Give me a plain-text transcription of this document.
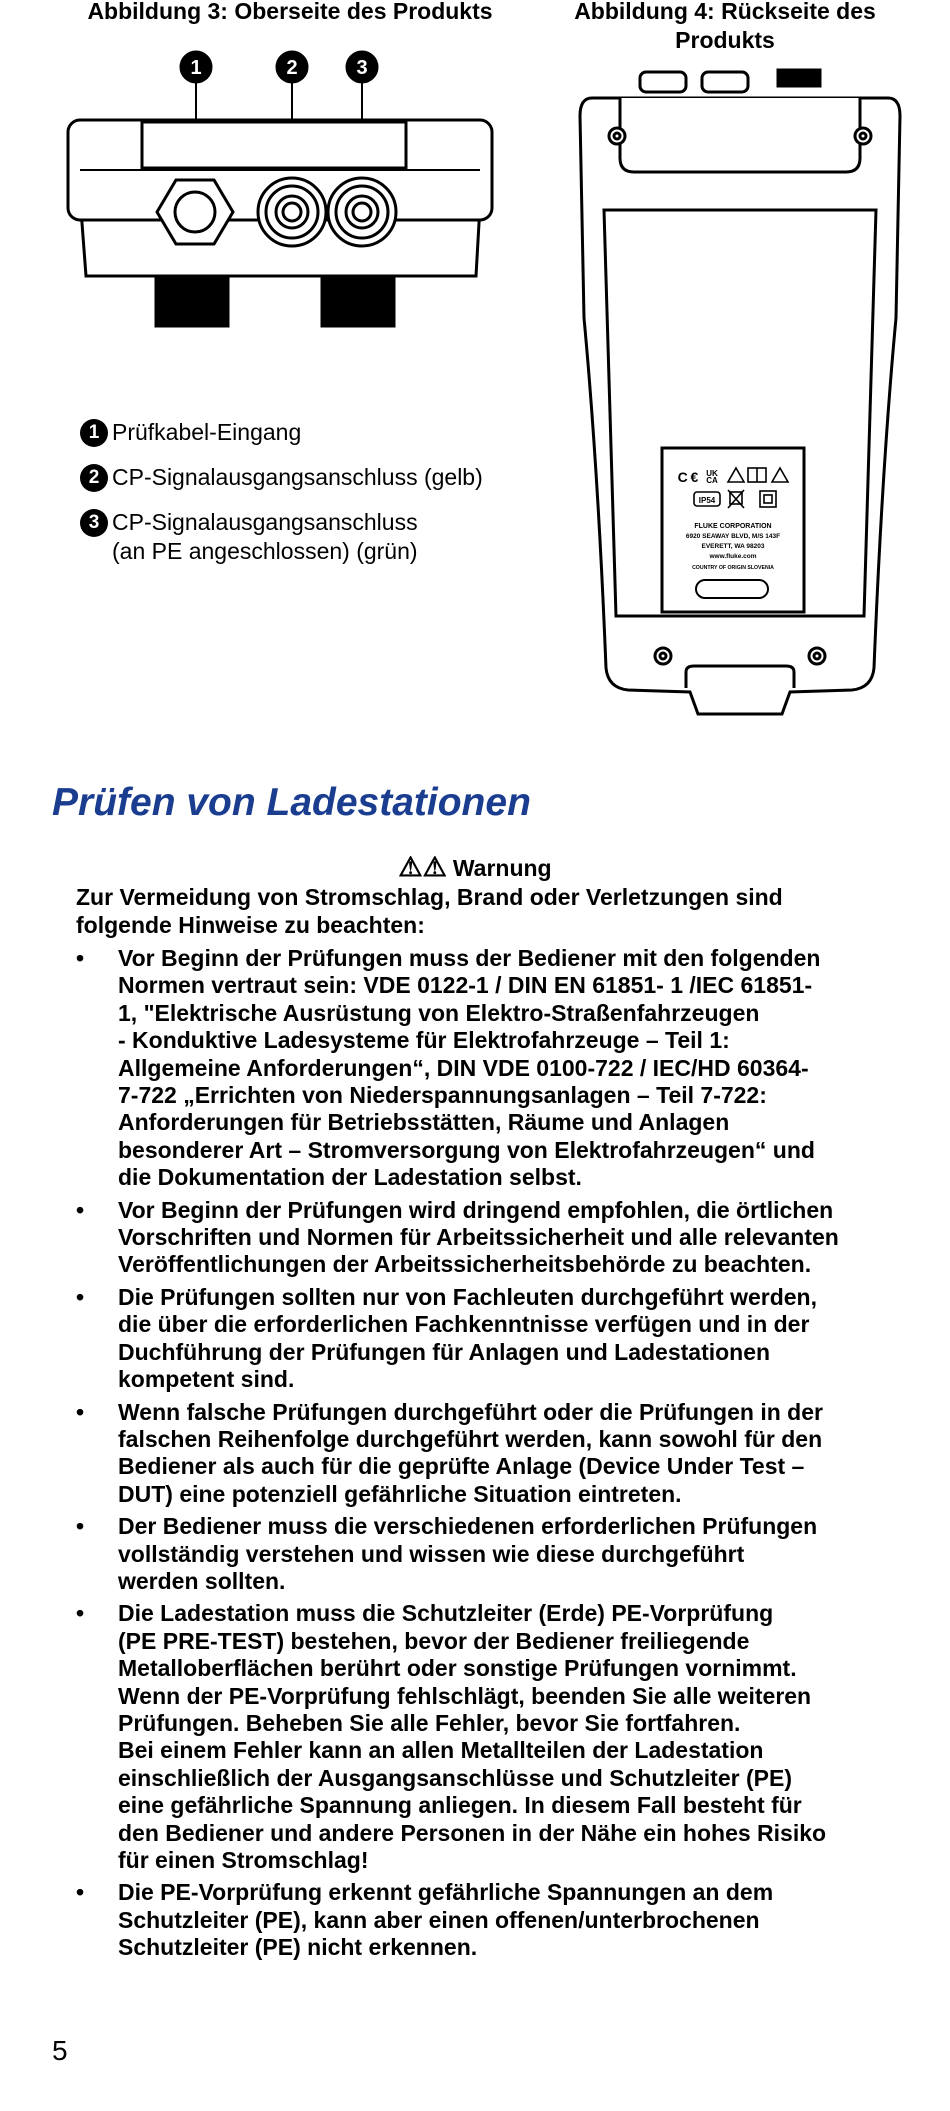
Abbildung 3: Oberseite des Produkts	Abbildung 4: Rückseite des Produkts

1	2	3
C € UK
CA
IP54
FLUKE CORPORATION
6920 SEAWAY BLVD, M/S 143F
EVERETT, WA 98203
www.fluke.com
COUNTRY OF ORIGIN SLOVENIA
1 Prüfkabel-Eingang
2 CP-Signalausgangsanschluss (gelb)
3 CP-Signalausgangsanschluss
(an PE angeschlossen) (grün)
Prüfen von Ladestationen
⚠⚠ Warnung

Zur Vermeidung von Stromschlag, Brand oder Verletzungen sind folgende Hinweise zu beachten:

• Vor Beginn der Prüfungen muss der Bediener mit den folgenden
Normen vertraut sein: VDE 0122-1 / DIN EN 61851- 1 /IEC 61851-
1, "Elektrische Ausrüstung von Elektro-Straßenfahrzeugen
- Konduktive Ladesysteme für Elektrofahrzeuge – Teil 1:
Allgemeine Anforderungen“, DIN VDE 0100-722 / IEC/HD 60364-
7-722 „Errichten von Niederspannungsanlagen – Teil 7-722:
Anforderungen für Betriebsstätten, Räume und Anlagen
besonderer Art – Stromversorgung von Elektrofahrzeugen“ und
die Dokumentation der Ladestation selbst.
• Vor Beginn der Prüfungen wird dringend empfohlen, die örtlichen
Vorschriften und Normen für Arbeitssicherheit und alle relevanten
Veröffentlichungen der Arbeitssicherheitsbehörde zu beachten.
• Die Prüfungen sollten nur von Fachleuten durchgeführt werden,
die über die erforderlichen Fachkenntnisse verfügen und in der
Duchführung der Prüfungen für Anlagen und Ladestationen
kompetent sind.
• Wenn falsche Prüfungen durchgeführt oder die Prüfungen in der
falschen Reihenfolge durchgeführt werden, kann sowohl für den
Bediener als auch für die geprüfte Anlage (Device Under Test –
DUT) eine potenziell gefährliche Situation eintreten.
• Der Bediener muss die verschiedenen erforderlichen Prüfungen
vollständig verstehen und wissen wie diese durchgeführt
werden sollten.
• Die Ladestation muss die Schutzleiter (Erde) PE-Vorprüfung
(PE PRE-TEST) bestehen, bevor der Bediener freiliegende
Metalloberflächen berührt oder sonstige Prüfungen vornimmt.
Wenn der PE-Vorprüfung fehlschlägt, beenden Sie alle weiteren
Prüfungen. Beheben Sie alle Fehler, bevor Sie fortfahren.
Bei einem Fehler kann an allen Metallteilen der Ladestation
einschließlich der Ausgangsanschlüsse und Schutzleiter (PE)
eine gefährliche Spannung anliegen. In diesem Fall besteht für
den Bediener und andere Personen in der Nähe ein hohes Risiko
für einen Stromschlag!
• Die PE-Vorprüfung erkennt gefährliche Spannungen an dem
Schutzleiter (PE), kann aber einen offenen/unterbrochenen
Schutzleiter (PE) nicht erkennen.
5
